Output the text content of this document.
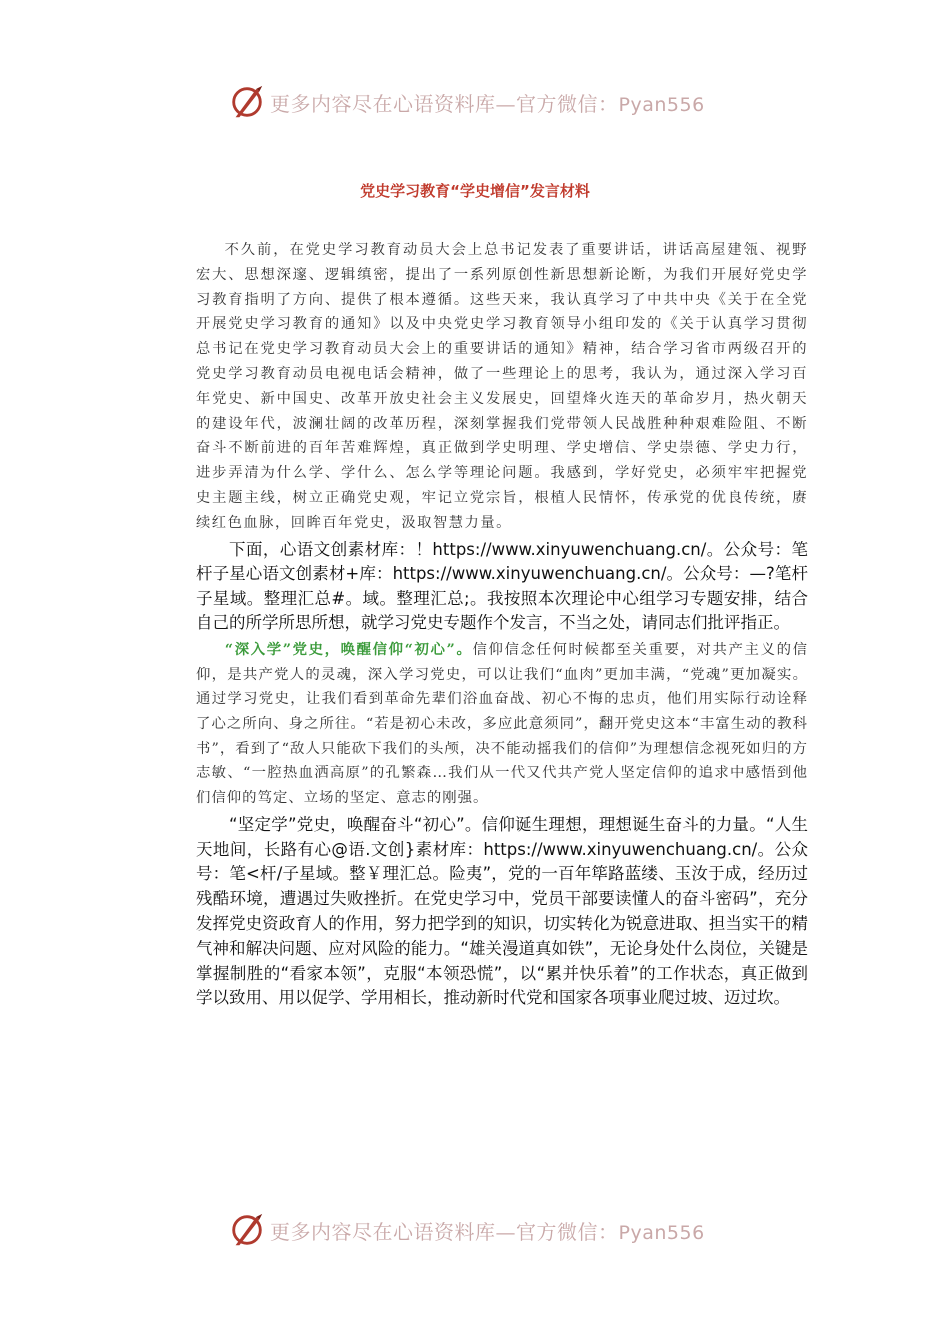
更多内容尽在心语资料库—官方微信：Pyan556
党史学习教育“学史增信”发言材料

不久前，在党史学习教育动员大会上总书记发表了重要讲话，讲话高屋建瓴、视野宏大、思想深邃、逻辑缜密，提出了一系列原创性新思想新论断，为我们开展好党史学习教育指明了方向、提供了根本遵循。这些天来，我认真学习了中共中央《关于在全党开展党史学习教育的通知》以及中央党史学习教育领导小组印发的《关于认真学习贯彻总书记在党史学习教育动员大会上的重要讲话的通知》精神，结合学习省市两级召开的党史学习教育动员电视电话会精神，做了一些理论上的思考，我认为，通过深入学习百年党史、新中国史、改革开放史社会主义发展史，回望烽火连天的革命岁月，热火朝天的建设年代，波澜壮阔的改革历程，深刻掌握我们党带领人民战胜种种艰难险阻、不断奋斗不断前进的百年苦难辉煌，真正做到学史明理、学史增信、学史崇德、学史力行，进步弄清为什么学、学什么、怎么学等理论问题。我感到，学好党史，必须牢牢把握党史主题主线，树立正确党史观，牢记立党宗旨，根植人民情怀，传承党的优良传统，赓续红色血脉，回眸百年党史，汲取智慧力量。

下面，心语文创素材库：！https://www.xinyuwenchuang.cn/。公众号：笔杆子星心语文创素材+库：https://www.xinyuwenchuang.cn/。公众号：—?笔杆子星域。整理汇总#。域。整理汇总;。我按照本次理论中心组学习专题安排，结合自己的所学所思所想，就学习党史专题作个发言，不当之处，请同志们批评指正。

“深入学”党史，唤醒信仰“初心”。信仰信念任何时候都至关重要，对共产主义的信仰，是共产党人的灵魂，深入学习党史，可以让我们“血肉”更加丰满，“党魂”更加凝实。通过学习党史，让我们看到革命先辈们浴血奋战、初心不悔的忠贞，他们用实际行动诠释了心之所向、身之所往。“若是初心未改，多应此意须同”，翻开党史这本“丰富生动的教科书”，看到了“敌人只能砍下我们的头颅，决不能动摇我们的信仰”为理想信念视死如归的方志敏、“一腔热血洒高原”的孔繁森…我们从一代又代共产党人坚定信仰的追求中感悟到他们信仰的笃定、立场的坚定、意志的刚强。

“坚定学”党史，唤醒奋斗“初心”。信仰诞生理想，理想诞生奋斗的力量。“人生天地间，长路有心@语.文创}素材库：https://www.xinyuwenchuang.cn/。公众号：笔<杆/子星域。整￥理汇总。险夷”，党的一百年筚路蓝缕、玉汝于成，经历过残酷环境，遭遇过失败挫折。在党史学习中，党员干部要读懂人的奋斗密码”，充分发挥党史资政育人的作用，努力把学到的知识，切实转化为锐意进取、担当实干的精气神和解决问题、应对风险的能力。“雄关漫道真如铁”，无论身处什么岗位，关键是掌握制胜的“看家本领”，克服“本领恐慌”，以“累并快乐着”的工作状态，真正做到学以致用、用以促学、学用相长，推动新时代党和国家各项事业爬过坡、迈过坎。

更多内容尽在心语资料库—官方微信：Pyan556
